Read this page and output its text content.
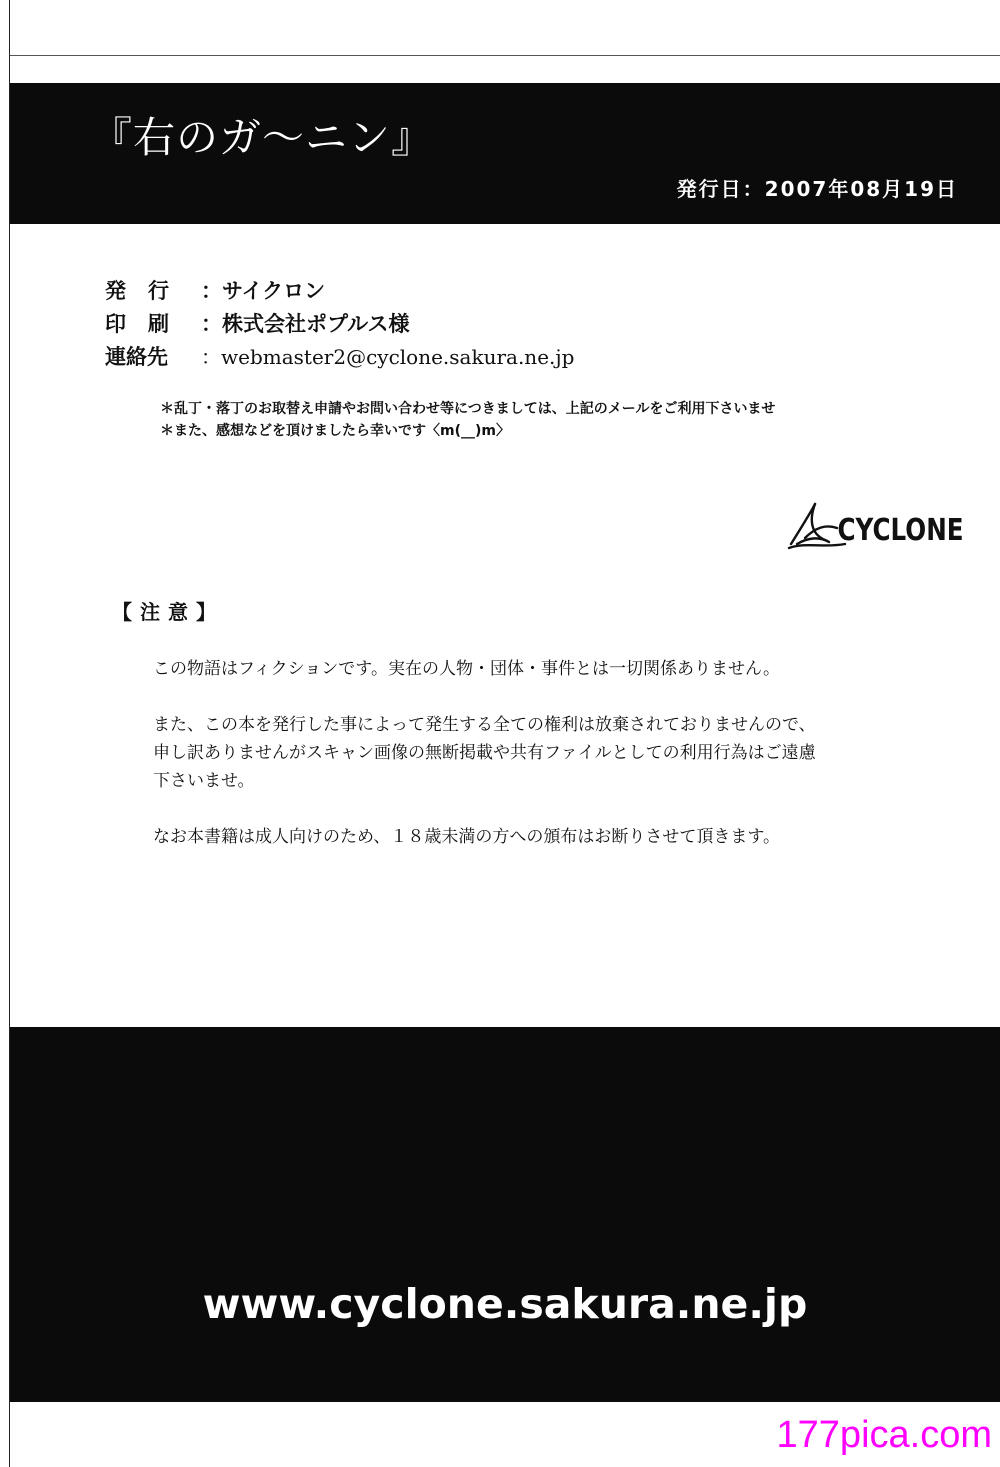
『右のガ〜ニン』
発行日：2007年08月19日
発行 ：サイクロン
印刷 ：株式会社ポプルス様
連絡先	：webmaster2@cyclone.sakura.ne.jp
＊乱丁・落丁のお取替え申請やお問い合わせ等につきましては、上記のメールをご利用下さいませ
＊また、感想などを頂けましたら幸いです〈m(__)m〉
CYCLONE
【注意】

この物語はフィクションです。実在の人物・団体・事件とは一切関係ありません。

また、この本を発行した事によって発生する全ての権利は放棄されておりませんので、

申し訳ありませんがスキャン画像の無断掲載や共有ファイルとしての利用行為はご遠慮

下さいませ。

なお本書籍は成人向けのため、１８歳未満の方への頒布はお断りさせて頂きます。

www.cyclone.sakura.ne.jp
177pica.com
